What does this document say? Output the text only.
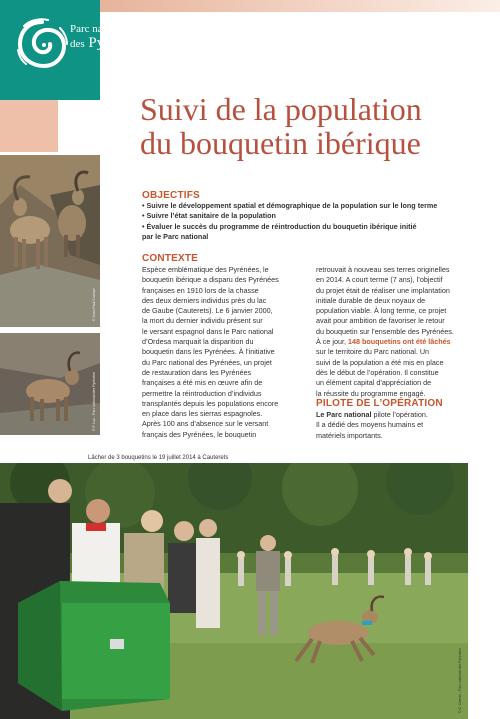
Parc national
des Pyrénées
Suivi de la population
du bouquetin ibérique
© Jean-Paul Crampe
© P. Lux - Parc national des Pyrénées
OBJECTIFS
• Suivre le développement spatial et démographique de la population sur le long terme
• Suivre l’état sanitaire de la population
• Évaluer le succès du programme de réintroduction du bouquetin ibérique initié
par le Parc national
CONTEXTE
Espèce emblématique des Pyrénées, le
bouquetin ibérique a disparu des Pyrénées
françaises en 1910 lors de la chasse
des deux derniers individus près du lac
de Gaube (Cauterets). Le 6 janvier 2000,
la mort du dernier individu présent sur
le versant espagnol dans le Parc national
d’Ordesa marquait la disparition du
bouquetin dans les Pyrénées. À l’initiative
du Parc national des Pyrénées, un projet
de restauration dans les Pyrénées
françaises a été mis en œuvre afin de
permettre la réintroduction d’individus
transplantés depuis les populations encore
en place dans les sierras espagnoles.
Après 100 ans d’absence sur le versant
français des Pyrénées, le bouquetin
retrouvait à nouveau ses terres originelles
en 2014. A court terme (7 ans), l’objectif
du projet était de réaliser une implantation
initiale durable de deux noyaux de
population viable. À long terme, ce projet
avait pour ambition de favoriser le retour
du bouquetin sur l’ensemble des Pyrénées.
À ce jour, 148 bouquetins ont été lâchés
sur le territoire du Parc national. Un
suivi de la population a été mis en place
dès le début de l’opération. Il constitue
un élément capital d’appréciation de
la réussite du programme engagé.
PILOTE DE L’OPÉRATION
Le Parc national pilote l’opération.
Il a dédié des moyens humains et
matériels importants.
Lâcher de 3 bouquetins le 19 juillet 2014 à Cauterets
© C. Cuenin - Parc national des Pyrénées
